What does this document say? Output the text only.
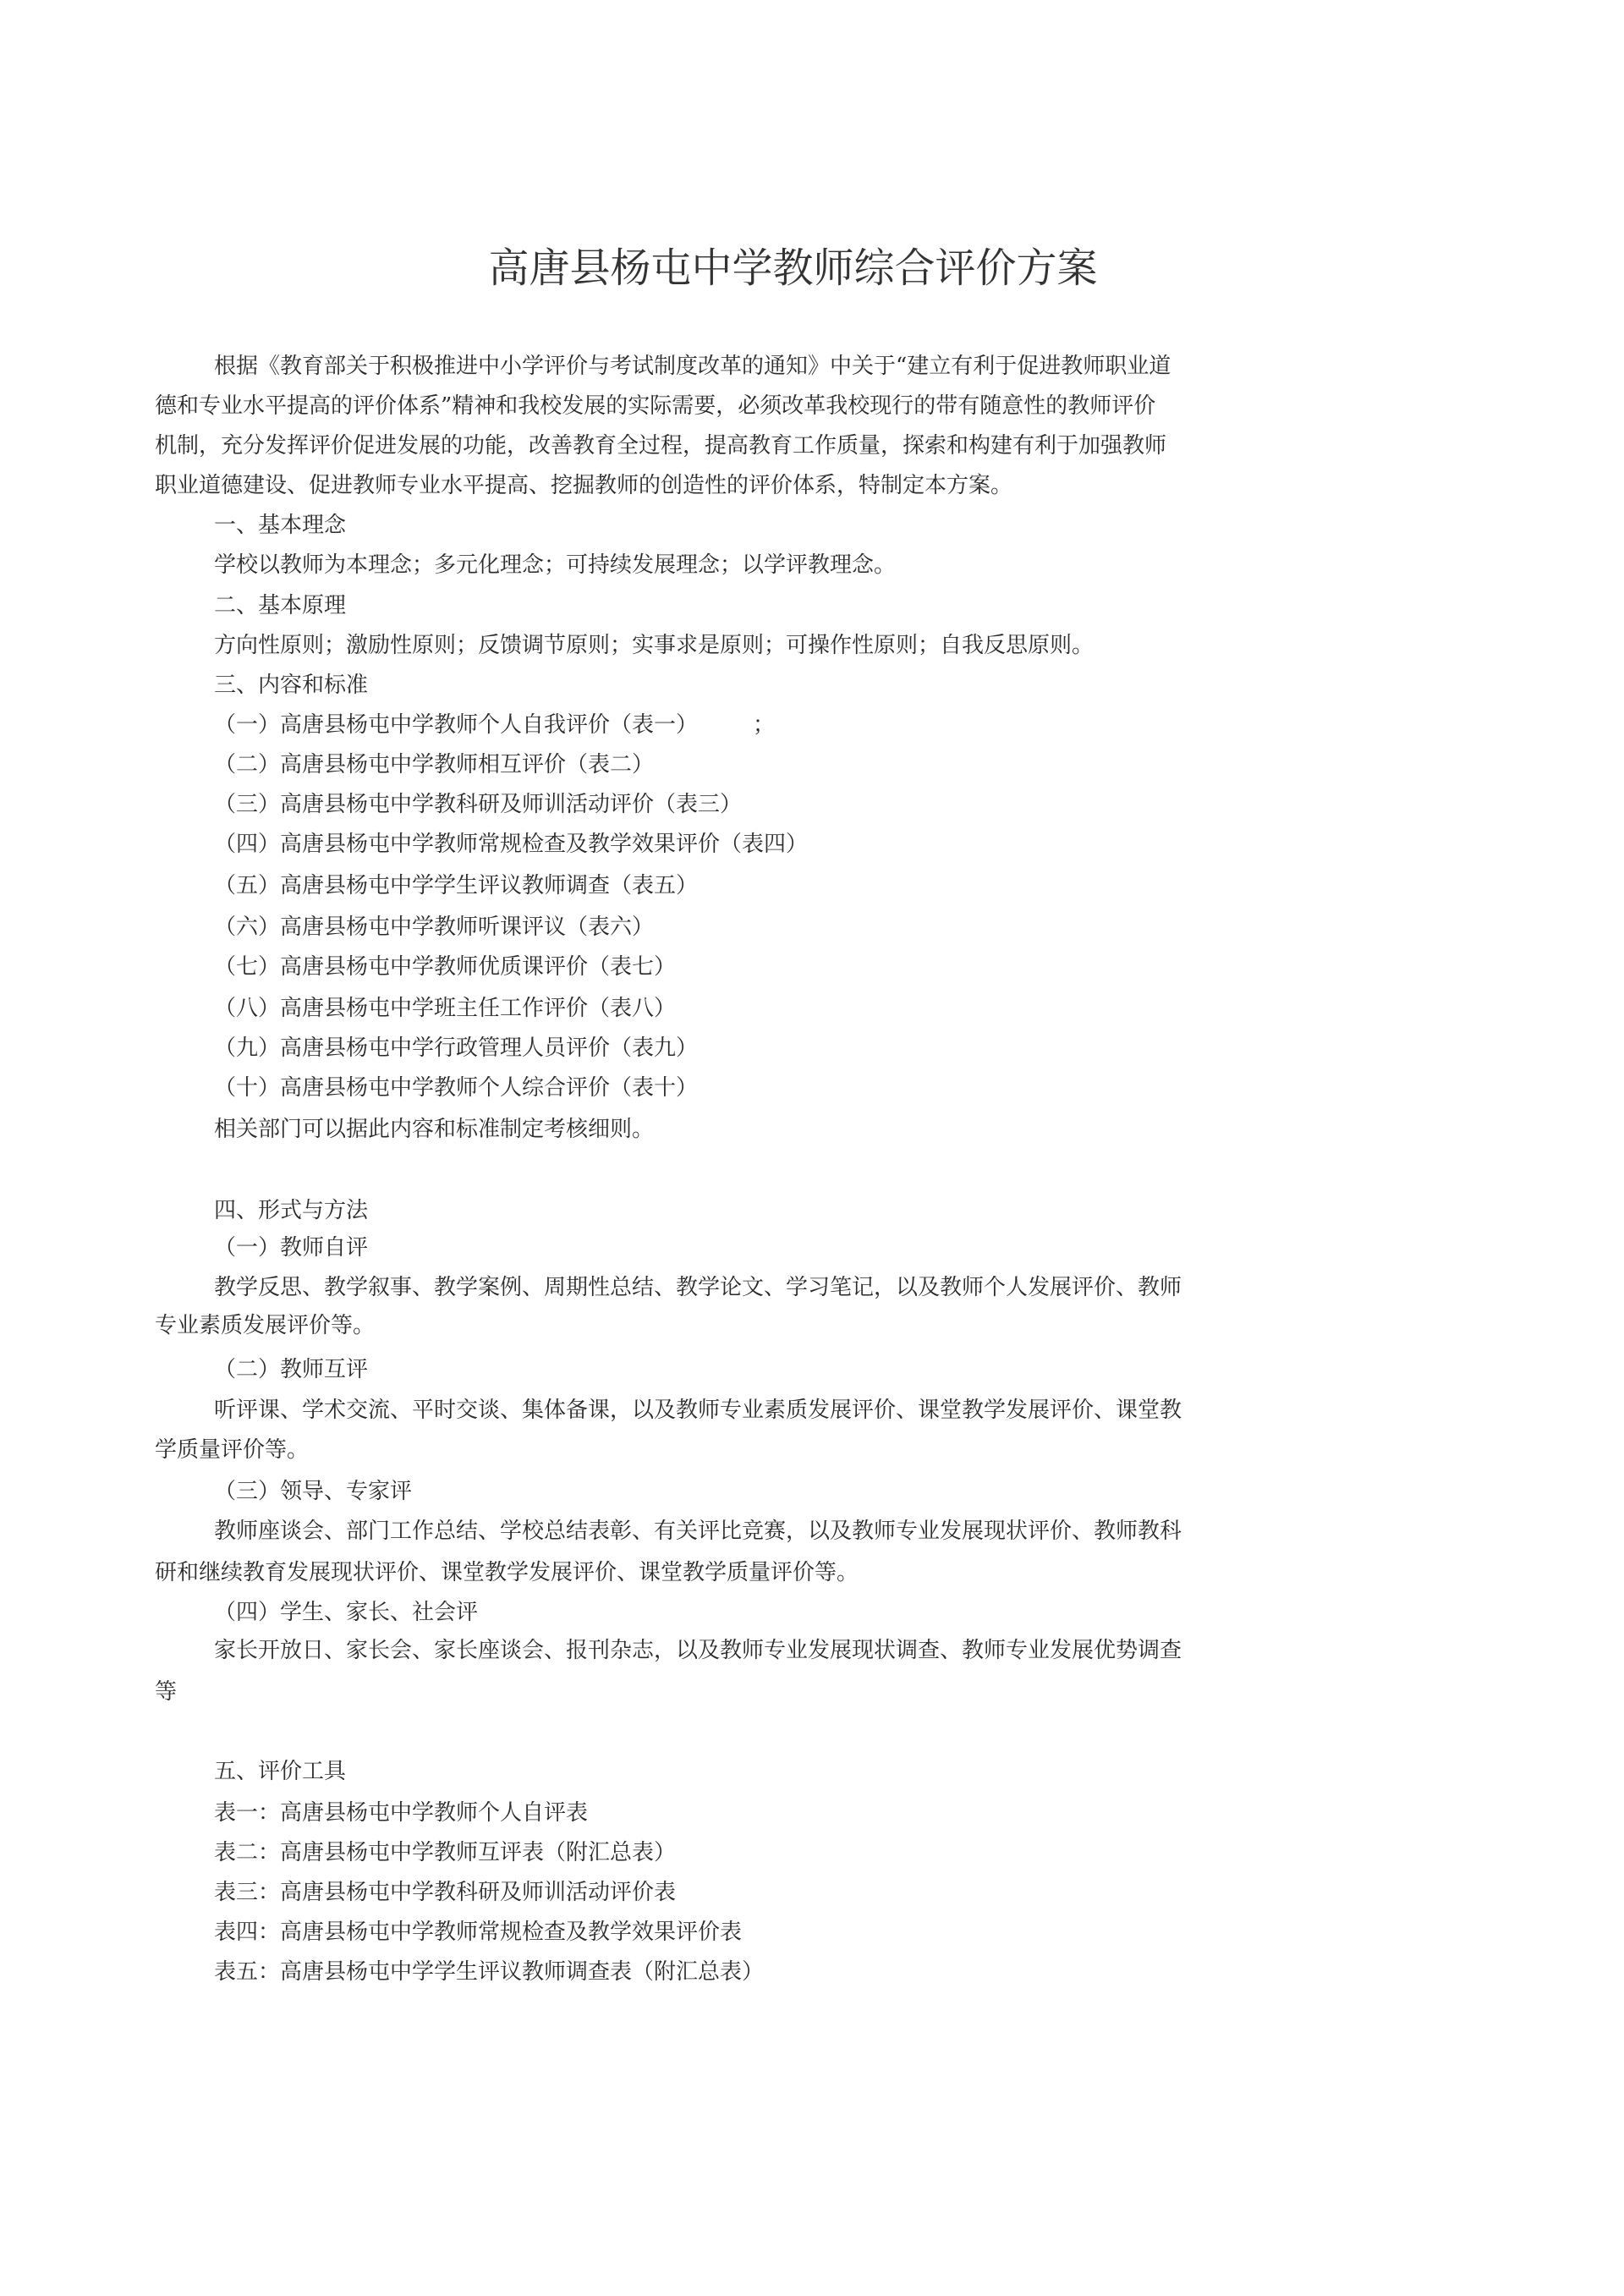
高唐县杨屯中学教师综合评价方案
根据《教育部关于积极推进中小学评价与考试制度改革的通知》中关于“建立有利于促进教师职业道
德和专业水平提高的评价体系”精神和我校发展的实际需要，必须改革我校现行的带有随意性的教师评价
机制，充分发挥评价促进发展的功能，改善教育全过程，提高教育工作质量，探索和构建有利于加强教师
职业道德建设、促进教师专业水平提高、挖掘教师的创造性的评价体系，特制定本方案。
一、基本理念
学校以教师为本理念；多元化理念；可持续发展理念；以学评教理念。
二、基本原理
方向性原则；激励性原则；反馈调节原则；实事求是原则；可操作性原则；自我反思原则。
三、内容和标准
（一）高唐县杨屯中学教师个人自我评价（表一）　　　；
（二）高唐县杨屯中学教师相互评价（表二）
（三）高唐县杨屯中学教科研及师训活动评价（表三）
（四）高唐县杨屯中学教师常规检查及教学效果评价（表四）
（五）高唐县杨屯中学学生评议教师调查（表五）
（六）高唐县杨屯中学教师听课评议（表六）
（七）高唐县杨屯中学教师优质课评价（表七）
（八）高唐县杨屯中学班主任工作评价（表八）
（九）高唐县杨屯中学行政管理人员评价（表九）
（十）高唐县杨屯中学教师个人综合评价（表十）
相关部门可以据此内容和标准制定考核细则。
四、形式与方法
（一）教师自评
教学反思、教学叙事、教学案例、周期性总结、教学论文、学习笔记，以及教师个人发展评价、教师
专业素质发展评价等。
（二）教师互评
听评课、学术交流、平时交谈、集体备课，以及教师专业素质发展评价、课堂教学发展评价、课堂教
学质量评价等。
（三）领导、专家评
教师座谈会、部门工作总结、学校总结表彰、有关评比竞赛，以及教师专业发展现状评价、教师教科
研和继续教育发展现状评价、课堂教学发展评价、课堂教学质量评价等。
（四）学生、家长、社会评
家长开放日、家长会、家长座谈会、报刊杂志，以及教师专业发展现状调查、教师专业发展优势调查
等
五、评价工具
表一：高唐县杨屯中学教师个人自评表
表二：高唐县杨屯中学教师互评表（附汇总表）
表三：高唐县杨屯中学教科研及师训活动评价表
表四：高唐县杨屯中学教师常规检查及教学效果评价表
表五：高唐县杨屯中学学生评议教师调查表（附汇总表）
